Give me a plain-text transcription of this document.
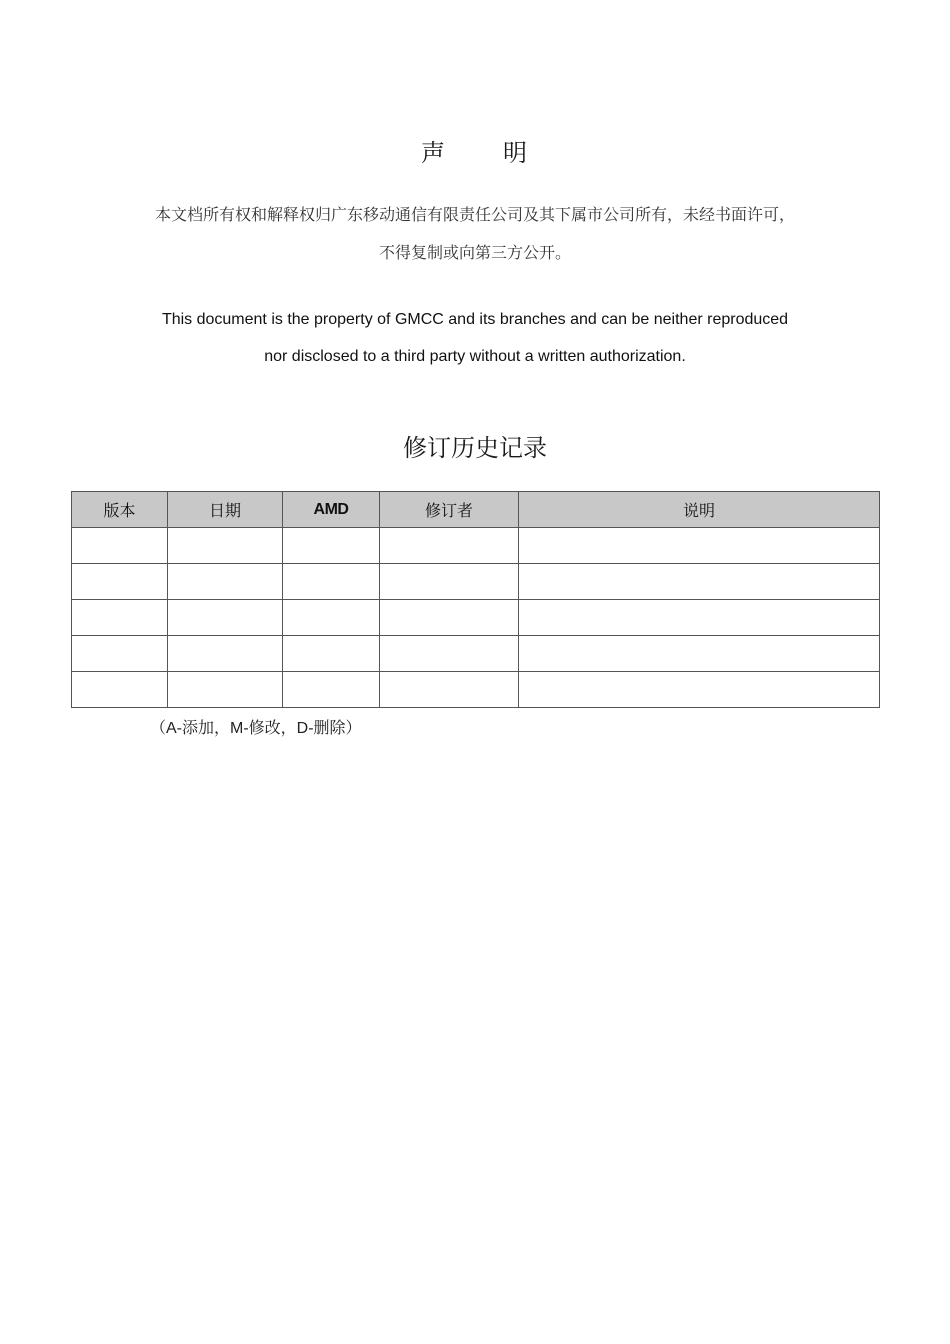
声 明
本文档所有权和解释权归广东移动通信有限责任公司及其下属市公司所有，未经书面许可，
不得复制或向第三方公开。
This document is the property of GMCC and its branches and can be neither reproduced
nor disclosed to a third party without a written authorization.
修订历史记录
版本	日期	AMD	修订者	说明

（A-添加，M-修改，D-删除）
